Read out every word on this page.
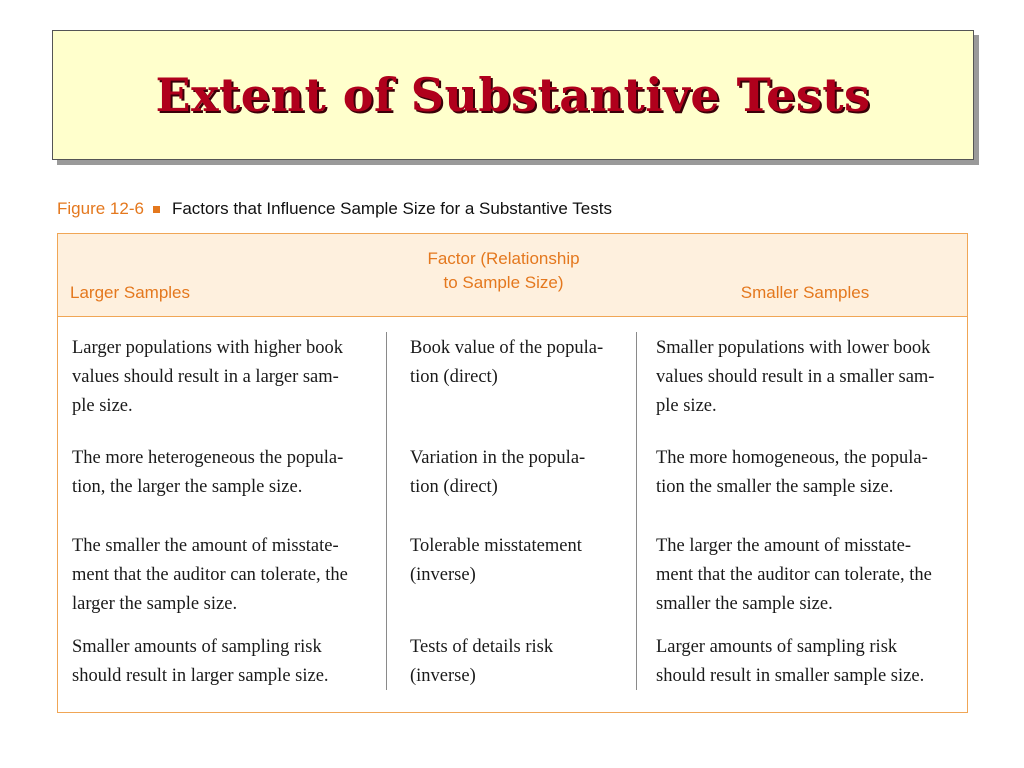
Extent of Substantive Tests
Figure 12-6 Factors that Influence Sample Size for a Substantive Tests
Larger Samples
Factor (Relationship
to Sample Size)
Smaller Samples
Larger populations with higher book
values should result in a larger sam-
ple size.
Book value of the popula-
tion (direct)
Smaller populations with lower book
values should result in a smaller sam-
ple size.
The more heterogeneous the popula-
tion, the larger the sample size.
Variation in the popula-
tion (direct)
The more homogeneous, the popula-
tion the smaller the sample size.
The smaller the amount of misstate-
ment that the auditor can tolerate, the
larger the sample size.
Tolerable misstatement
(inverse)
The larger the amount of misstate-
ment that the auditor can tolerate, the
smaller the sample size.
Smaller amounts of sampling risk
should result in larger sample size.
Tests of details risk
(inverse)
Larger amounts of sampling risk
should result in smaller sample size.
